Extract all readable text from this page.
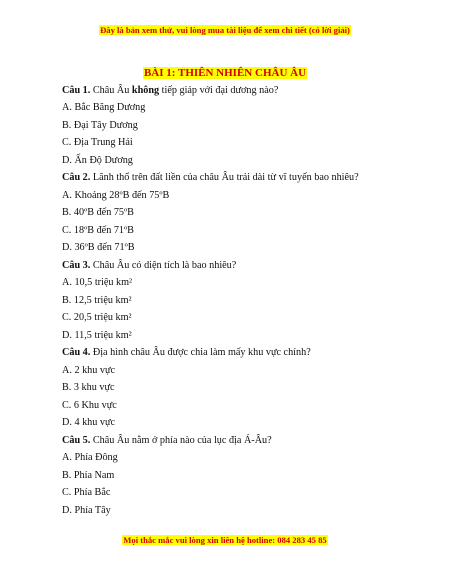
Đây là bản xem thử, vui lòng mua tài liệu để xem chi tiết (có lời giải)
BÀI 1: THIÊN NHIÊN CHÂU ÂU
Câu 1. Châu Âu không tiếp giáp với đại dương nào?
A. Bắc Băng Dương
B. Đại Tây Dương
C. Địa Trung Hải
D. Ấn Độ Dương
Câu 2. Lãnh thổ trên đất liền của châu Âu trải dài từ vĩ tuyến bao nhiêu?
A. Khoảng 28ºB đến 75ºB
B. 40ºB đến 75ºB
C. 18ºB đến 71ºB
D. 36ºB đến 71ºB
Câu 3. Châu Âu có diện tích là bao nhiêu?
A. 10,5 triệu km²
B. 12,5 triệu km²
C. 20,5 triệu km²
D. 11,5 triệu km²
Câu 4. Địa hình châu Âu được chia làm mấy khu vực chính?
A. 2 khu vực
B. 3 khu vực
C. 6 Khu vực
D. 4 khu vực
Câu 5. Châu Âu nằm ở phía nào của lục địa Á-Âu?
A. Phía Đông
B. Phía Nam
C. Phía Bắc
D. Phía Tây
Mọi thắc mắc vui lòng xin liên hệ hotline: 084 283 45 85
